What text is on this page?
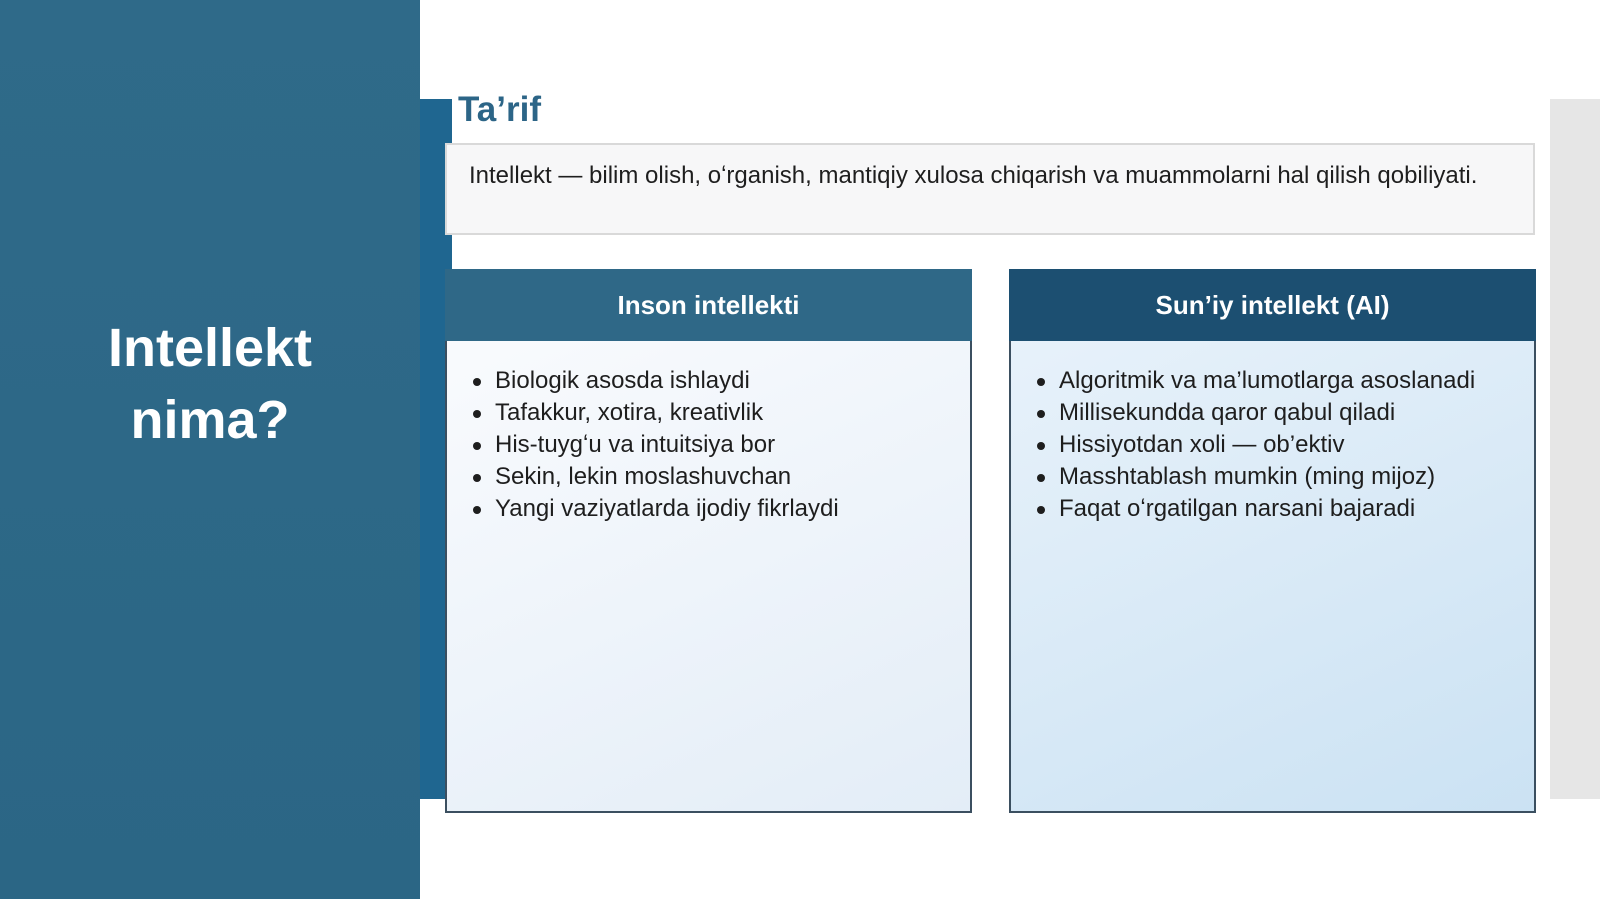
Intellekt
nima?
Ta’rif
Intellekt — bilim olish, oʻrganish, mantiqiy xulosa chiqarish va muammolarni hal qilish qobiliyati.
Inson intellekti
Biologik asosda ishlaydi
Tafakkur, xotira, kreativlik
His-tuygʻu va intuitsiya bor
Sekin, lekin moslashuvchan
Yangi vaziyatlarda ijodiy fikrlaydi
Sun’iy intellekt (AI)
Algoritmik va ma’lumotlarga asoslanadi
Millisekundda qaror qabul qiladi
Hissiyotdan xoli — ob’ektiv
Masshtablash mumkin (ming mijoz)
Faqat oʻrgatilgan narsani bajaradi
